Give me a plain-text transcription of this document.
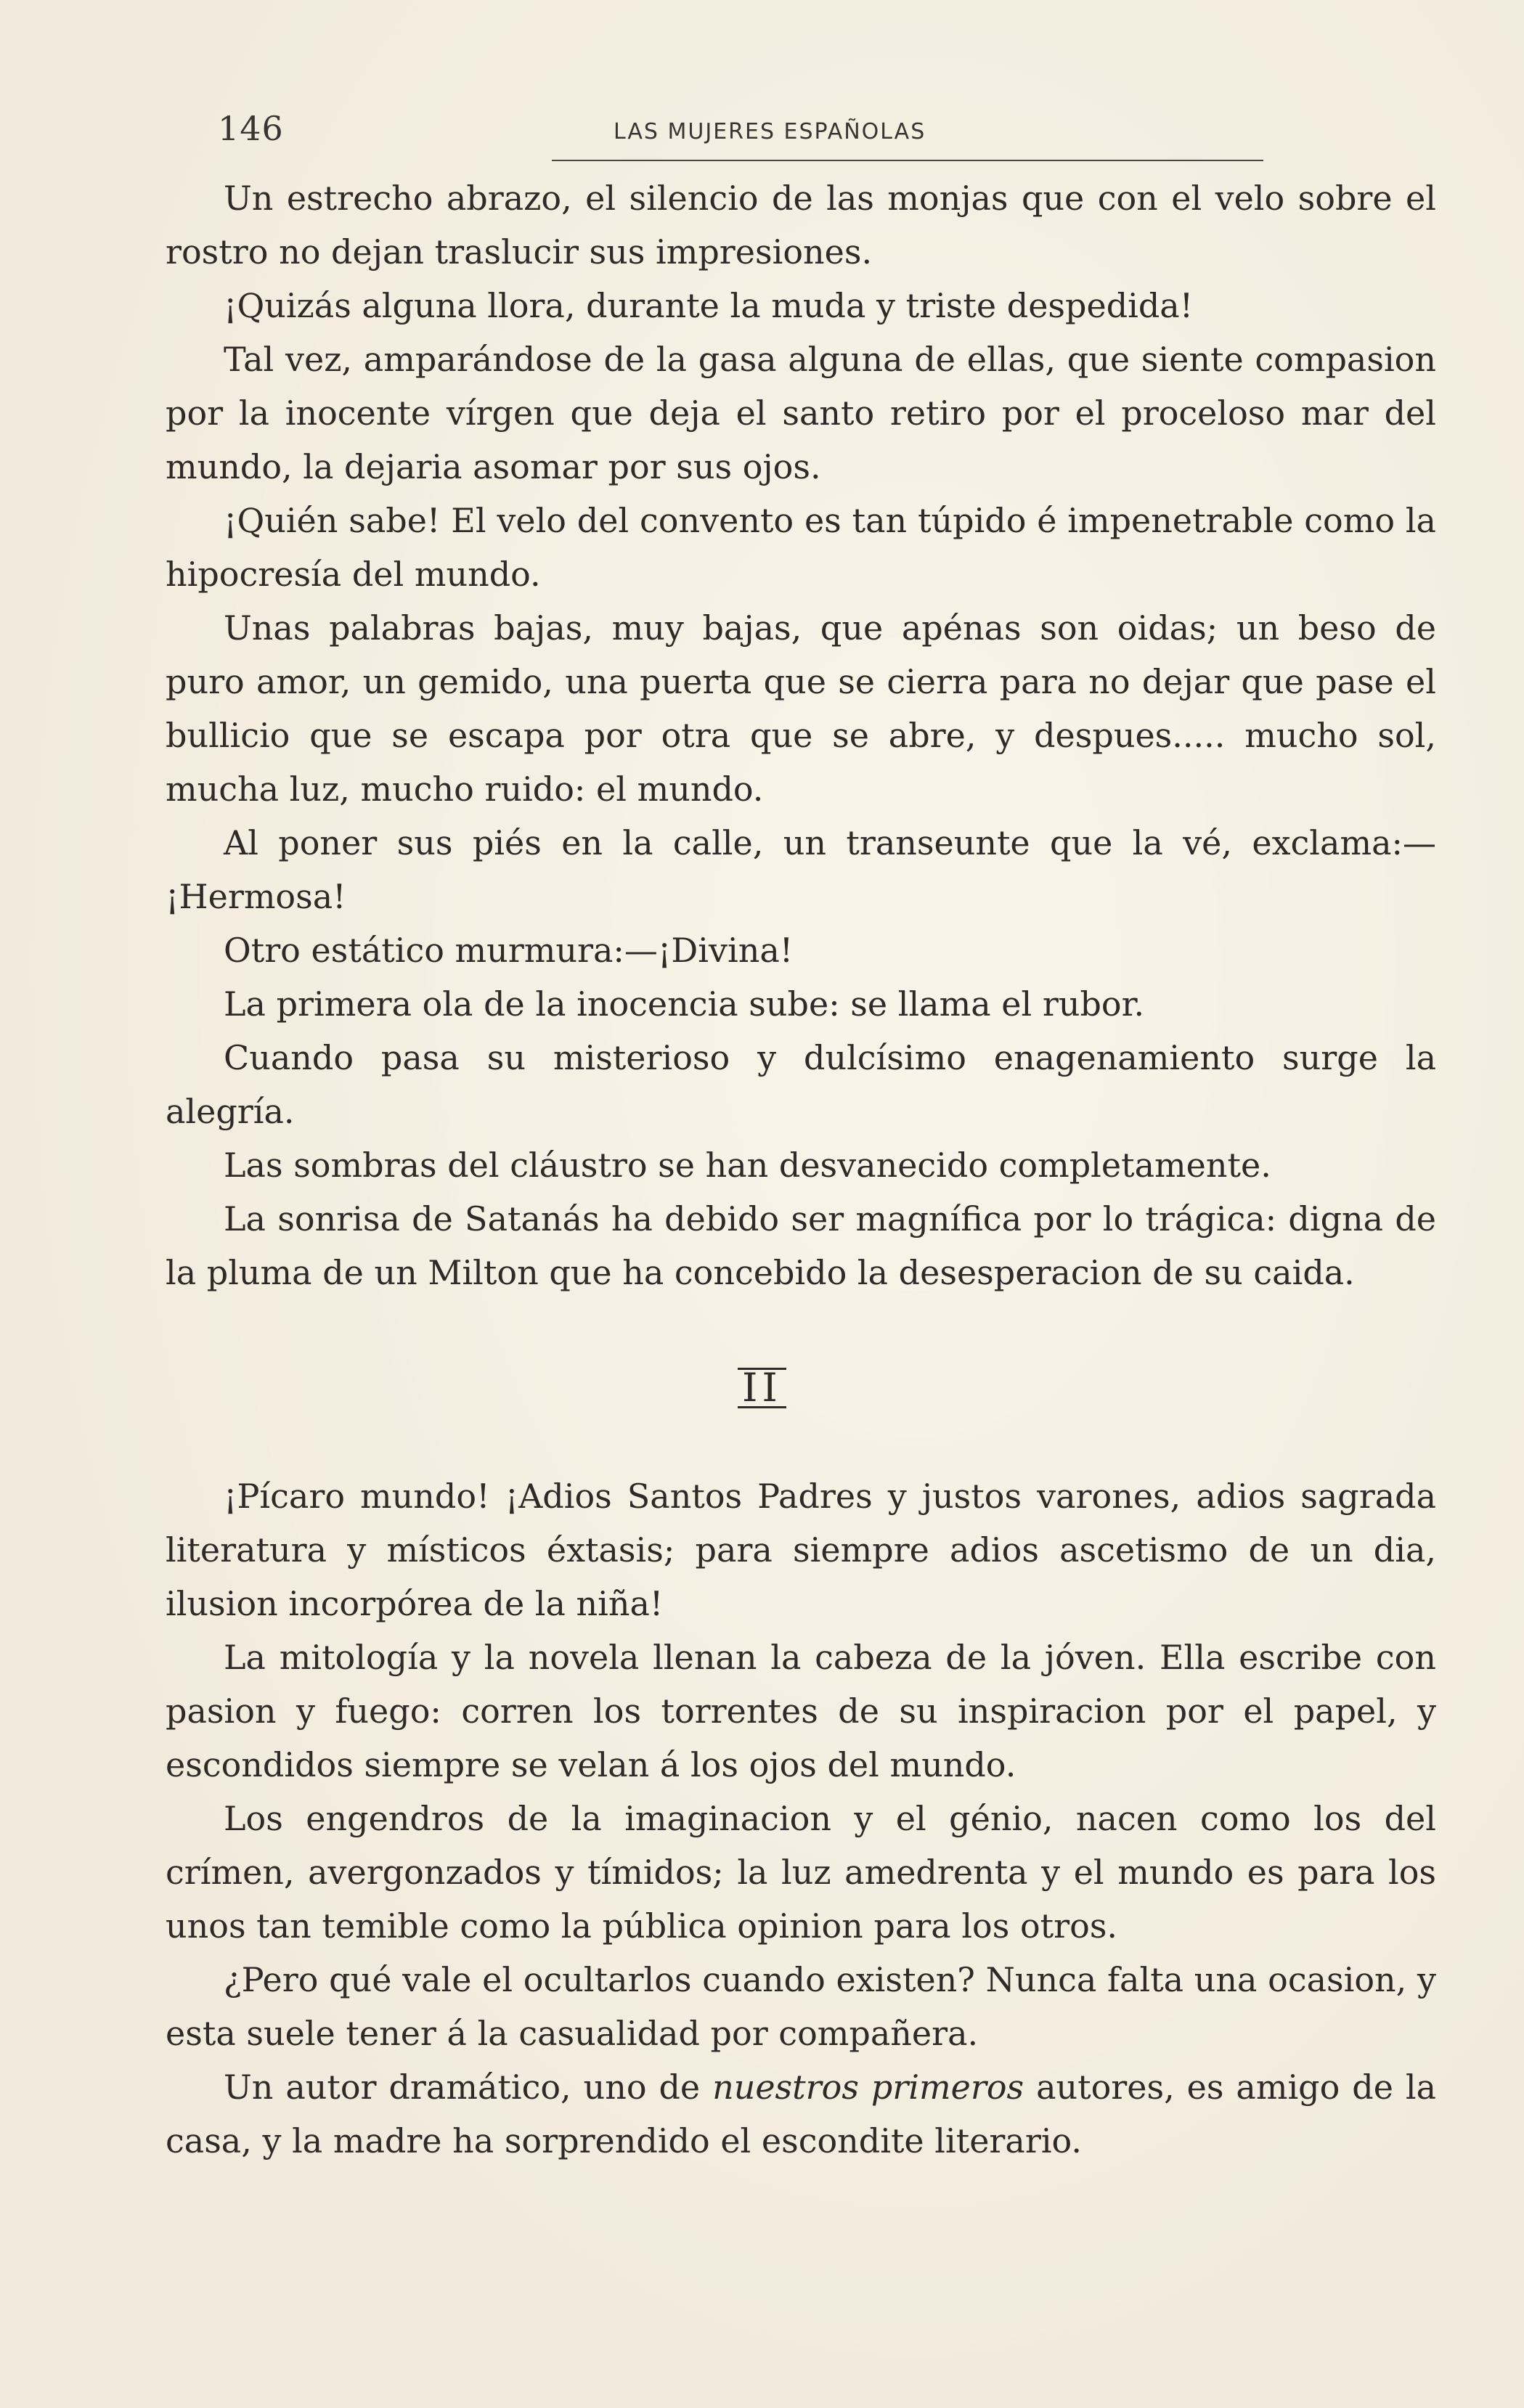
146	LAS MUJERES ESPAÑOLAS

Un estrecho abrazo, el silencio de las monjas que con el velo sobre el rostro no dejan traslucir sus impresiones.

¡Quizás alguna llora, durante la muda y triste despedida!

Tal vez, amparándose de la gasa alguna de ellas, que siente compasion por la inocente vírgen que deja el santo retiro por el proceloso mar del mundo, la dejaria asomar por sus ojos.

¡Quién sabe! El velo del convento es tan túpido é impenetrable como la hipocresía del mundo.

Unas palabras bajas, muy bajas, que apénas son oidas; un beso de puro amor, un gemido, una puerta que se cierra para no dejar que pase el bullicio que se escapa por otra que se abre, y despues..... mucho sol, mucha luz, mucho ruido: el mundo.

Al poner sus piés en la calle, un transeunte que la vé, exclama:—¡Hermosa!

Otro estático murmura:—¡Divina!

La primera ola de la inocencia sube: se llama el rubor.

Cuando pasa su misterioso y dulcísimo enagenamiento surge la alegría.

Las sombras del cláustro se han desvanecido completamente.

La sonrisa de Satanás ha debido ser magnífica por lo trágica: digna de la pluma de un Milton que ha concebido la desesperacion de su caida.

II

¡Pícaro mundo! ¡Adios Santos Padres y justos varones, adios sagrada literatura y místicos éxtasis; para siempre adios ascetismo de un dia, ilusion incorpórea de la niña!

La mitología y la novela llenan la cabeza de la jóven. Ella escribe con pasion y fuego: corren los torrentes de su inspiracion por el papel, y escondidos siempre se velan á los ojos del mundo.

Los engendros de la imaginacion y el génio, nacen como los del crímen, avergonzados y tímidos; la luz amedrenta y el mundo es para los unos tan temible como la pública opinion para los otros.

¿Pero qué vale el ocultarlos cuando existen? Nunca falta una ocasion, y esta suele tener á la casualidad por compañera.

Un autor dramático, uno de nuestros primeros autores, es amigo de la casa, y la madre ha sorprendido el escondite literario.
